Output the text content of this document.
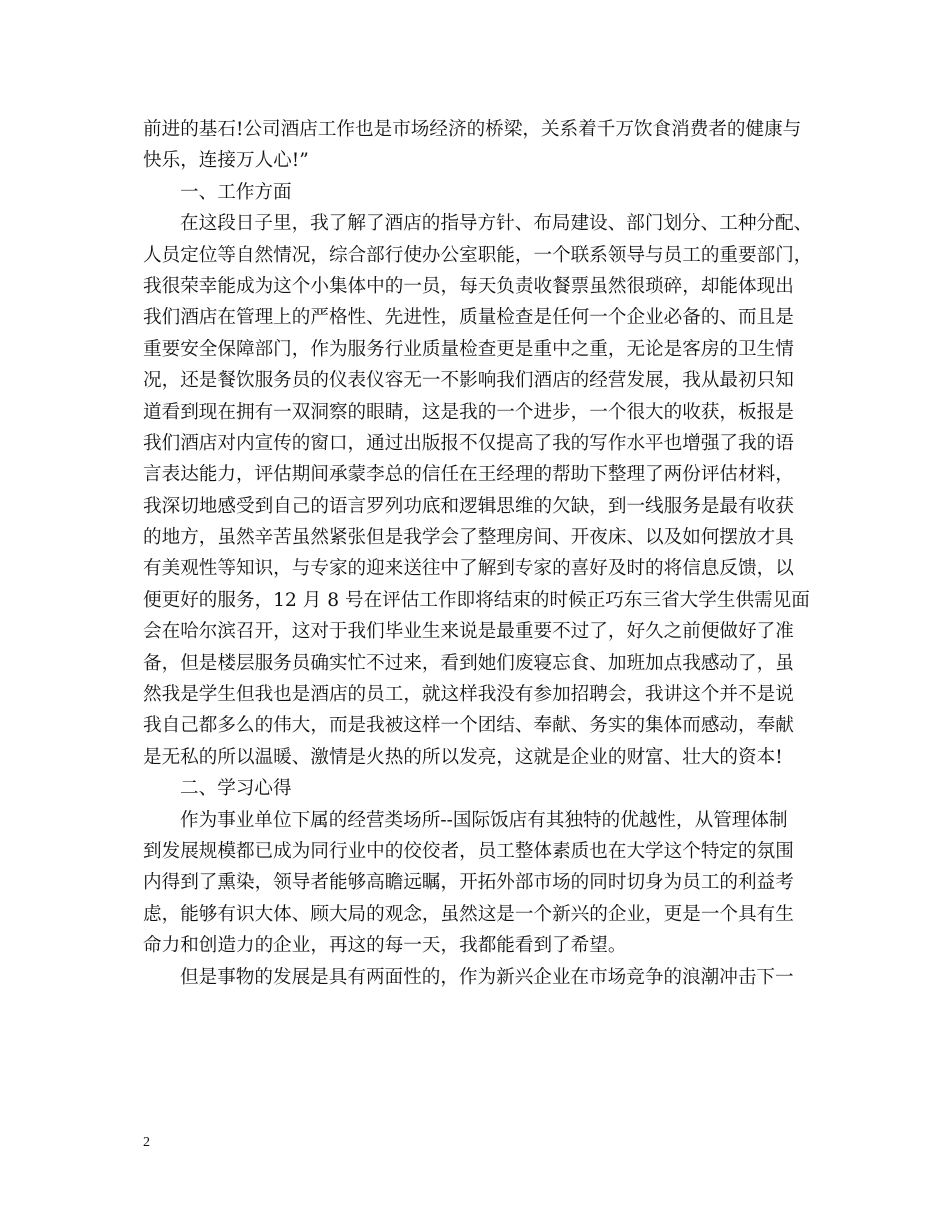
前进的基石!公司酒店工作也是市场经济的桥梁，关系着千万饮食消费者的健康与
快乐，连接万人心!”
一、工作方面
在这段日子里，我了解了酒店的指导方针、布局建设、部门划分、工种分配、
人员定位等自然情况，综合部行使办公室职能，一个联系领导与员工的重要部门，
我很荣幸能成为这个小集体中的一员，每天负责收餐票虽然很琐碎，却能体现出
我们酒店在管理上的严格性、先进性，质量检查是任何一个企业必备的、而且是
重要安全保障部门，作为服务行业质量检查更是重中之重，无论是客房的卫生情
况，还是餐饮服务员的仪表仪容无一不影响我们酒店的经营发展，我从最初只知
道看到现在拥有一双洞察的眼睛，这是我的一个进步，一个很大的收获，板报是
我们酒店对内宣传的窗口，通过出版报不仅提高了我的写作水平也增强了我的语
言表达能力，评估期间承蒙李总的信任在王经理的帮助下整理了两份评估材料，
我深切地感受到自己的语言罗列功底和逻辑思维的欠缺，到一线服务是最有收获
的地方，虽然辛苦虽然紧张但是我学会了整理房间、开夜床、以及如何摆放才具
有美观性等知识，与专家的迎来送往中了解到专家的喜好及时的将信息反馈，以
便更好的服务，12 月 8 号在评估工作即将结束的时候正巧东三省大学生供需见面
会在哈尔滨召开，这对于我们毕业生来说是最重要不过了，好久之前便做好了准
备，但是楼层服务员确实忙不过来，看到她们废寝忘食、加班加点我感动了，虽
然我是学生但我也是酒店的员工，就这样我没有参加招聘会，我讲这个并不是说
我自己都多么的伟大，而是我被这样一个团结、奉献、务实的集体而感动，奉献
是无私的所以温暖、激情是火热的所以发亮，这就是企业的财富、壮大的资本!
二、学习心得
作为事业单位下属的经营类场所--国际饭店有其独特的优越性，从管理体制
到发展规模都已成为同行业中的佼佼者，员工整体素质也在大学这个特定的氛围
内得到了熏染，领导者能够高瞻远瞩，开拓外部市场的同时切身为员工的利益考
虑，能够有识大体、顾大局的观念，虽然这是一个新兴的企业，更是一个具有生
命力和创造力的企业，再这的每一天，我都能看到了希望。
但是事物的发展是具有两面性的，作为新兴企业在市场竞争的浪潮冲击下一
2
